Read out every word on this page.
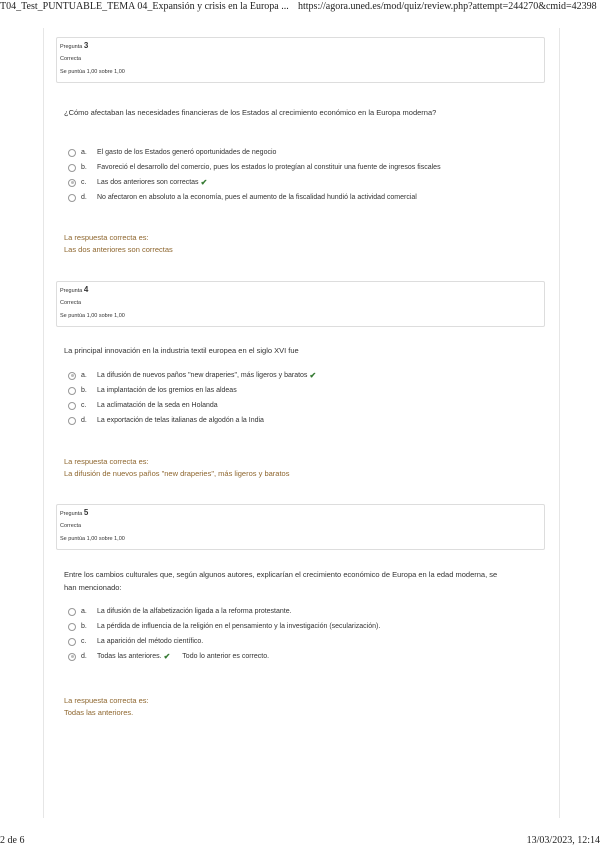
T04_Test_PUNTUABLE_TEMA 04_Expansión y crisis en la Europa ... https://agora.uned.es/mod/quiz/review.php?attempt=244270&cmid=42398
Pregunta 3
Correcta
Se puntúa 1,00 sobre 1,00
¿Cómo afectaban las necesidades financieras de los Estados al crecimiento económico en la Europa moderna?
a.	El gasto de los Estados generó oportunidades de negocio
b.	Favoreció el desarrollo del comercio, pues los estados lo protegían al constituir una fuente de ingresos fiscales
c.	Las dos anteriores son correctas ✔
d.	No afectaron en absoluto a la economía, pues el aumento de la fiscalidad hundió la actividad comercial
La respuesta correcta es:
Las dos anteriores son correctas
Pregunta 4
Correcta
Se puntúa 1,00 sobre 1,00
La principal innovación en la industria textil europea en el siglo XVI fue
a.	La difusión de nuevos paños "new draperies", más ligeros y baratos ✔
b.	La implantación de los gremios en las aldeas
c.	La aclimatación de la seda en Holanda
d.	La exportación de telas italianas de algodón a la India
La respuesta correcta es:
La difusión de nuevos paños "new draperies", más ligeros y baratos
Pregunta 5
Correcta
Se puntúa 1,00 sobre 1,00
Entre los cambios culturales que, según algunos autores, explicarían el crecimiento económico de Europa en la edad moderna, se han mencionado:
a.	La difusión de la alfabetización ligada a la reforma protestante.
b.	La pérdida de influencia de la religión en el pensamiento y la investigación (secularización).
c.	La aparición del método científico.
d.	Todas las anteriores. ✔ Todo lo anterior es correcto.
La respuesta correcta es:
Todas las anteriores.
2 de 6	13/03/2023, 12:14
